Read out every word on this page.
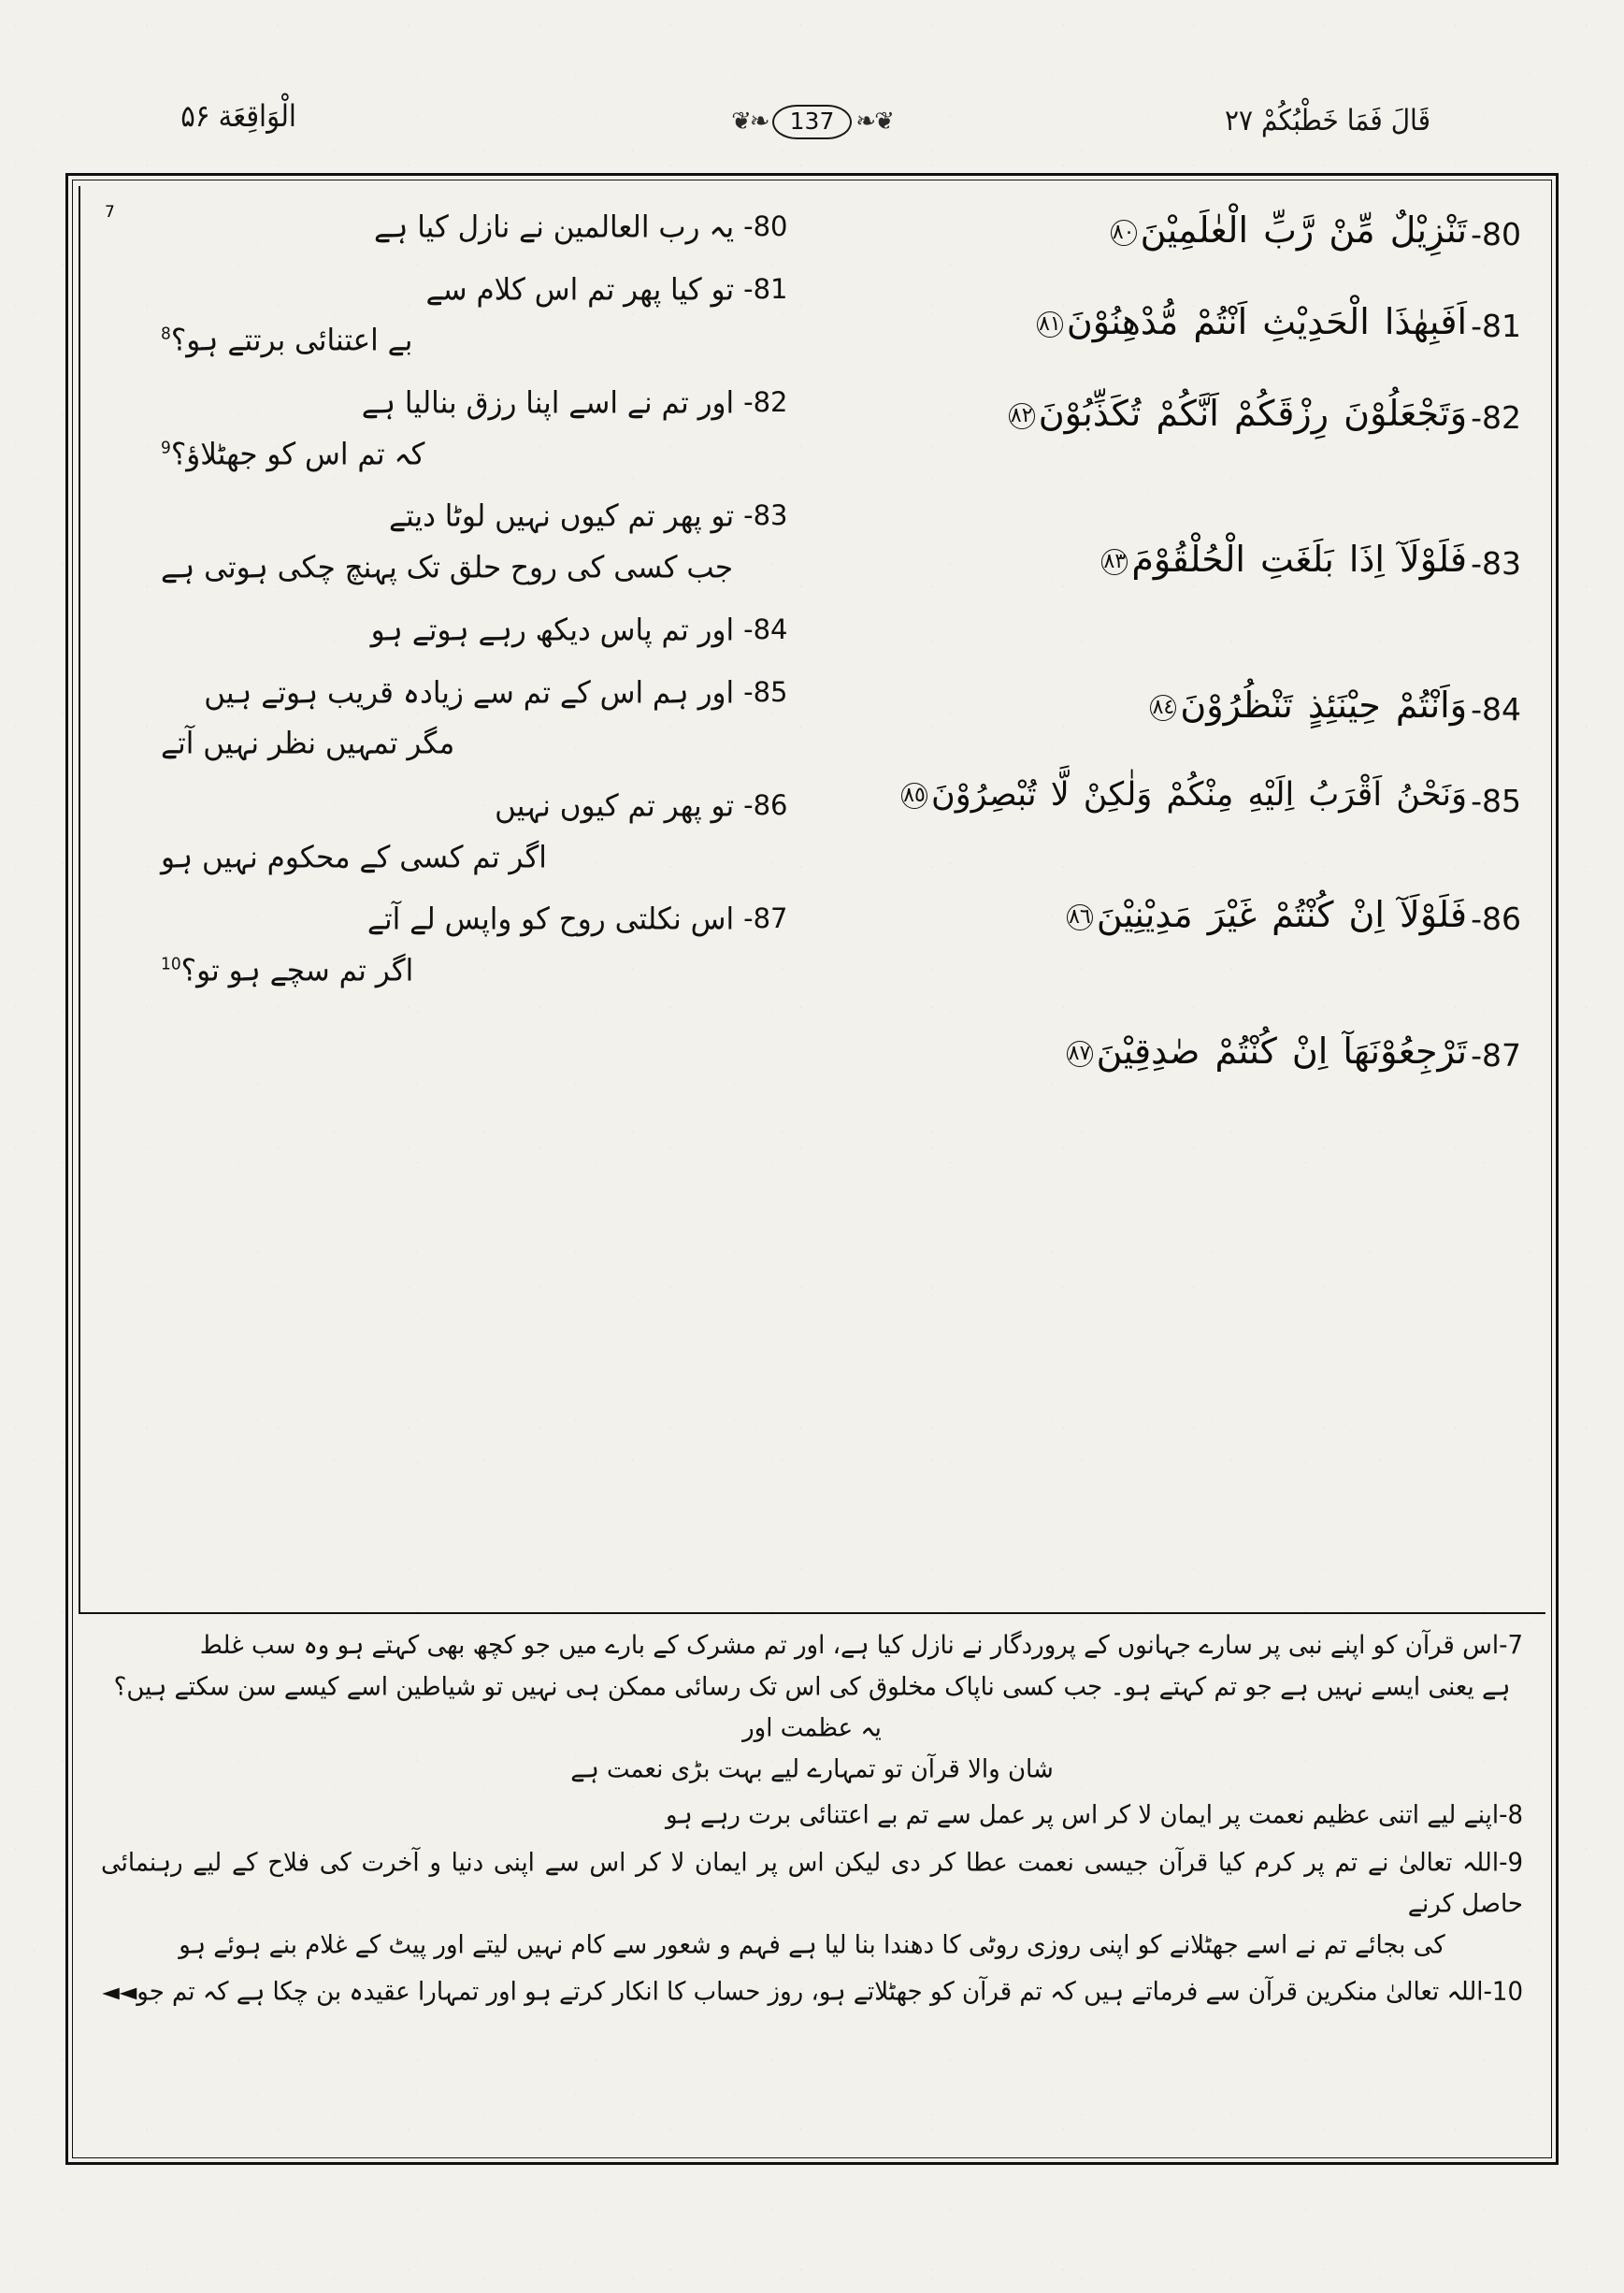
قَالَ فَمَا خَطْبُكُمْ ۲۷
❦❧
137
❧❦
الْوَاقِعَة ۵۶
80
-
یہ رب العالمین نے نازل کیا ہے
7
81
-
تو کیا پھر تم اس کلام سے
بے اعتنائی برتتے ہو؟$^8$
82
-
اور تم نے اسے اپنا رزق بنالیا ہے
کہ تم اس کو جھٹلاؤ؟$^9$
83
-
تو پھر تم کیوں نہیں لوٹا دیتے
جب کسی کی روح حلق تک پہنچ چکی ہوتی ہے
84
-
اور تم پاس دیکھ رہے ہوتے ہو
85
-
اور ہم اس کے تم سے زیادہ قریب ہوتے ہیں
مگر تمہیں نظر نہیں آتے
86
-
تو پھر تم کیوں نہیں
اگر تم کسی کے محکوم نہیں ہو
87
-
اس نکلتی روح کو واپس لے آتے
اگر تم سچے ہو تو؟$^{10}$
80
-
تَنْزِيْلٌ مِّنْ رَّبِّ الْعٰلَمِيْنَ٨٠
81
-
اَفَبِهٰذَا الْحَدِيْثِ اَنْتُمْ مُّدْهِنُوْنَ٨١
82
-
وَتَجْعَلُوْنَ رِزْقَكُمْ اَنَّكُمْ تُكَذِّبُوْنَ٨٢
83
-
فَلَوْلَآ اِذَا بَلَغَتِ الْحُلْقُوْمَ٨٣
84
-
وَاَنْتُمْ حِيْنَئِذٍ تَنْظُرُوْنَ٨٤
85
-
وَنَحْنُ اَقْرَبُ اِلَيْهِ مِنْكُمْ وَلٰكِنْ لَّا تُبْصِرُوْنَ٨٥
86
-
فَلَوْلَآ اِنْ كُنْتُمْ غَيْرَ مَدِيْنِيْنَ٨٦
87
-
تَرْجِعُوْنَهَآ اِنْ كُنْتُمْ صٰدِقِيْنَ٨٧
7-اس قرآن کو اپنے نبی پر سارے جہانوں کے پروردگار نے نازل کیا ہے، اور تم مشرک کے بارے میں جو کچھ بھی کہتے ہو وہ سب غلط
ہے یعنی ایسے نہیں ہے جو تم کہتے ہو۔ جب کسی ناپاک مخلوق کی اس تک رسائی ممکن ہی نہیں تو شیاطین اسے کیسے سن سکتے ہیں؟ یہ عظمت اور
شان والا قرآن تو تمہارے لیے بہت بڑی نعمت ہے
8-اپنے لیے اتنی عظیم نعمت پر ایمان لا کر اس پر عمل سے تم بے اعتنائی برت رہے ہو
9-اللہ تعالیٰ نے تم پر کرم کیا قرآن جیسی نعمت عطا کر دی لیکن اس پر ایمان لا کر اس سے اپنی دنیا و آخرت کی فلاح کے لیے رہنمائی حاصل کرنے
کی بجائے تم نے اسے جھٹلانے کو اپنی روزی روٹی کا دھندا بنا لیا ہے فہم و شعور سے کام نہیں لیتے اور پیٹ کے غلام بنے ہوئے ہو
10-اللہ تعالیٰ منکرین قرآن سے فرماتے ہیں کہ تم قرآن کو جھٹلاتے ہو، روز حساب کا انکار کرتے ہو اور تمہارا عقیدہ بن چکا ہے کہ تم جو◄◄
